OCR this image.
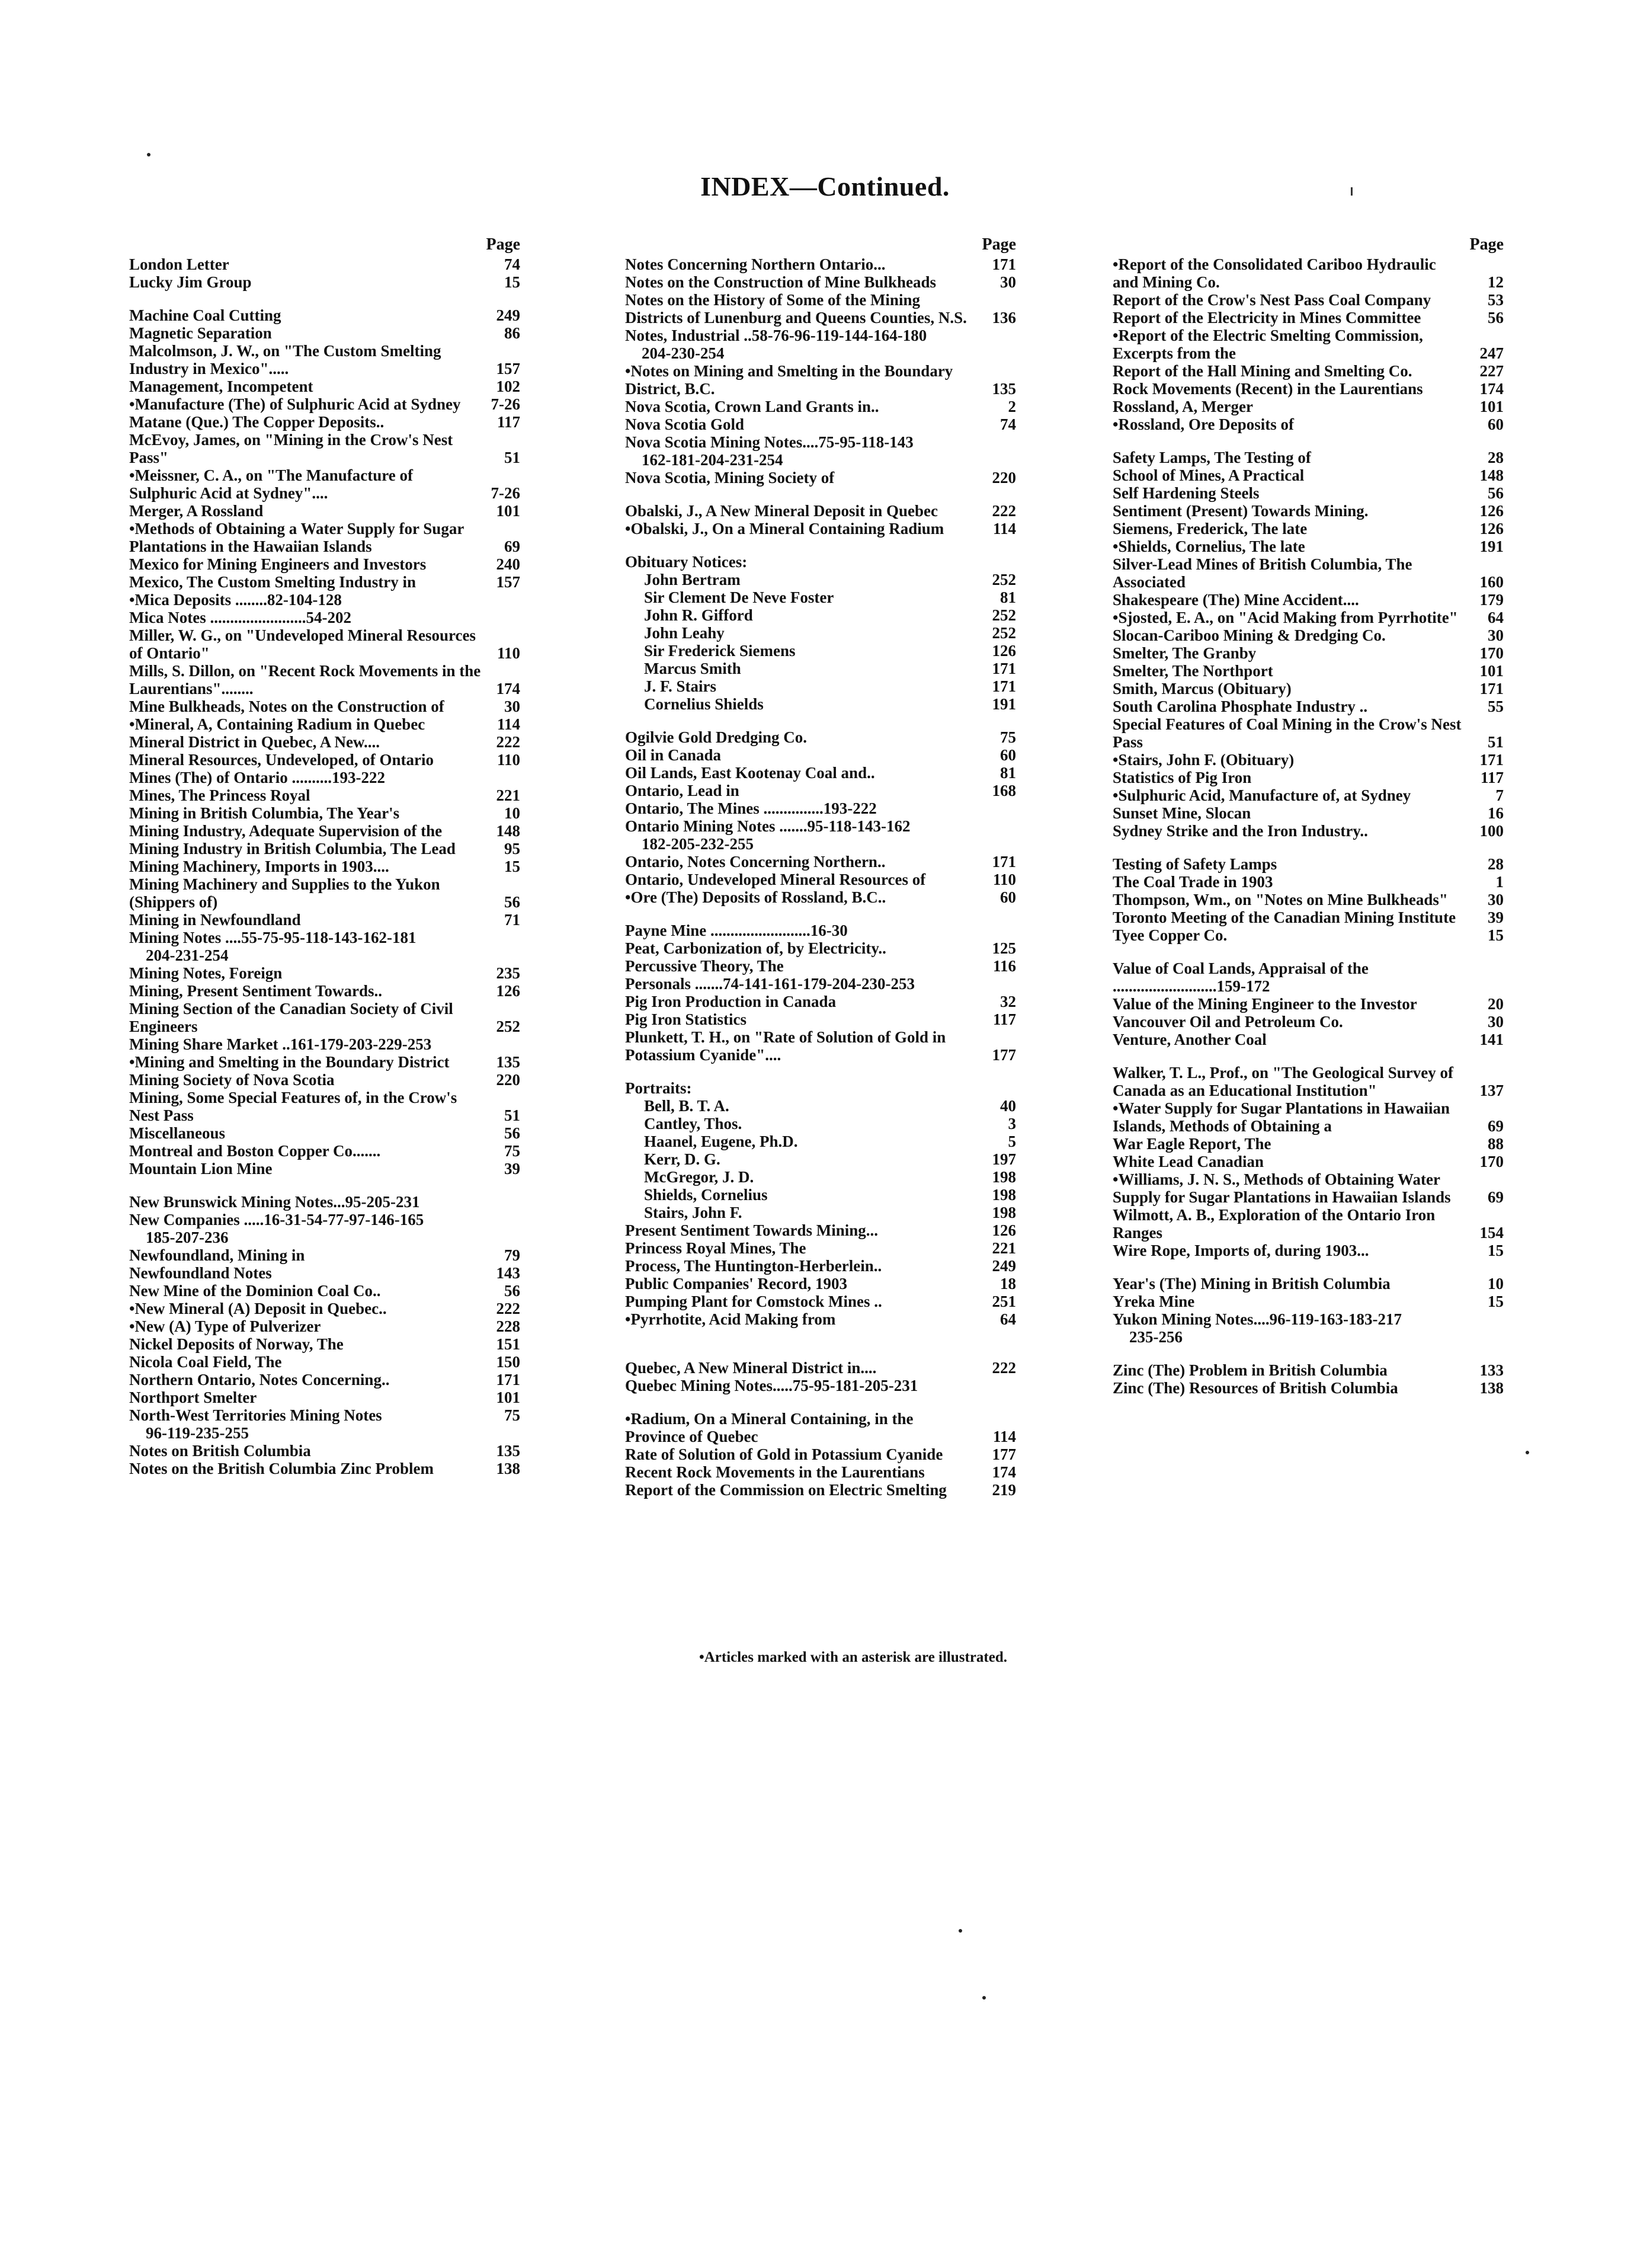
INDEX—Continued.
Page
London Letter	74
Lucky Jim Group	15
Machine Coal Cutting	249
Magnetic Separation	86
Malcolmson, J. W., on "The Custom Smelting Industry in Mexico".....	157
Management, Incompetent	102
•Manufacture (The) of Sulphuric Acid at Sydney	7-26
Matane (Que.) The Copper Deposits..	117
McEvoy, James, on "Mining in the Crow's Nest Pass"	51
•Meissner, C. A., on "The Manufacture of Sulphuric Acid at Sydney"....	7-26
Merger, A Rossland	101
•Methods of Obtaining a Water Supply for Sugar Plantations in the Hawaiian Islands	69
Mexico for Mining Engineers and Investors	240
Mexico, The Custom Smelting Industry in	157
•Mica Deposits ........82-104-128
Mica Notes ........................54-202
Miller, W. G., on "Undeveloped Mineral Resources of Ontario"	110
Mills, S. Dillon, on "Recent Rock Movements in the Laurentians"........	174
Mine Bulkheads, Notes on the Construction of	30
•Mineral, A, Containing Radium in Quebec	114
Mineral District in Quebec, A New....	222
Mineral Resources, Undeveloped, of Ontario	110
Mines (The) of Ontario ..........193-222
Mines, The Princess Royal	221
Mining in British Columbia, The Year's	10
Mining Industry, Adequate Supervision of the	148
Mining Industry in British Columbia, The Lead	95
Mining Machinery, Imports in 1903....	15
Mining Machinery and Supplies to the Yukon (Shippers of)	56
Mining in Newfoundland	71
Mining Notes ....55-75-95-118-143-162-181
204-231-254
Mining Notes, Foreign	235
Mining, Present Sentiment Towards..	126
Mining Section of the Canadian Society of Civil Engineers	252
Mining Share Market ..161-179-203-229-253
•Mining and Smelting in the Boundary District	135
Mining Society of Nova Scotia	220
Mining, Some Special Features of, in the Crow's Nest Pass	51
Miscellaneous	56
Montreal and Boston Copper Co.......	75
Mountain Lion Mine	39
New Brunswick Mining Notes...95-205-231
New Companies .....16-31-54-77-97-146-165
185-207-236
Newfoundland, Mining in	79
Newfoundland Notes	143
New Mine of the Dominion Coal Co..	56
•New Mineral (A) Deposit in Quebec..	222
•New (A) Type of Pulverizer	228
Nickel Deposits of Norway, The	151
Nicola Coal Field, The	150
Northern Ontario, Notes Concerning..	171
Northport Smelter	101
North-West Territories Mining Notes	75
96-119-235-255
Notes on British Columbia	135
Notes on the British Columbia Zinc Problem	138
Page
Notes Concerning Northern Ontario...	171
Notes on the Construction of Mine Bulkheads	30
Notes on the History of Some of the Mining Districts of Lunenburg and Queens Counties, N.S.	136
Notes, Industrial ..58-76-96-119-144-164-180
204-230-254
•Notes on Mining and Smelting in the Boundary District, B.C.	135
Nova Scotia, Crown Land Grants in..	2
Nova Scotia Gold	74
Nova Scotia Mining Notes....75-95-118-143
162-181-204-231-254
Nova Scotia, Mining Society of	220
Obalski, J., A New Mineral Deposit in Quebec	222
•Obalski, J., On a Mineral Containing Radium	114
Obituary Notices:
John Bertram	252
Sir Clement De Neve Foster	81
John R. Gifford	252
John Leahy	252
Sir Frederick Siemens	126
Marcus Smith	171
J. F. Stairs	171
Cornelius Shields	191
Ogilvie Gold Dredging Co.	75
Oil in Canada	60
Oil Lands, East Kootenay Coal and..	81
Ontario, Lead in	168
Ontario, The Mines ...............193-222
Ontario Mining Notes .......95-118-143-162
182-205-232-255
Ontario, Notes Concerning Northern..	171
Ontario, Undeveloped Mineral Resources of	110
•Ore (The) Deposits of Rossland, B.C..	60
Payne Mine .........................16-30
Peat, Carbonization of, by Electricity..	125
Percussive Theory, The	116
Personals .......74-141-161-179-204-230-253
Pig Iron Production in Canada	32
Pig Iron Statistics	117
Plunkett, T. H., on "Rate of Solution of Gold in Potassium Cyanide"....	177
Portraits:
Bell, B. T. A.	40
Cantley, Thos.	3
Haanel, Eugene, Ph.D.	5
Kerr, D. G.	197
McGregor, J. D.	198
Shields, Cornelius	198
Stairs, John F.	198
Present Sentiment Towards Mining...	126
Princess Royal Mines, The	221
Process, The Huntington-Herberlein..	249
Public Companies' Record, 1903	18
Pumping Plant for Comstock Mines ..	251
•Pyrrhotite, Acid Making from	64
Quebec, A New Mineral District in....	222
Quebec Mining Notes.....75-95-181-205-231
•Radium, On a Mineral Containing, in the Province of Quebec	114
Rate of Solution of Gold in Potassium Cyanide	177
Recent Rock Movements in the Laurentians	174
Report of the Commission on Electric Smelting	219
Page
•Report of the Consolidated Cariboo Hydraulic and Mining Co.	12
Report of the Crow's Nest Pass Coal Company	53
Report of the Electricity in Mines Committee	56
•Report of the Electric Smelting Commission, Excerpts from the	247
Report of the Hall Mining and Smelting Co.	227
Rock Movements (Recent) in the Laurentians	174
Rossland, A, Merger	101
•Rossland, Ore Deposits of	60
Safety Lamps, The Testing of	28
School of Mines, A Practical	148
Self Hardening Steels	56
Sentiment (Present) Towards Mining.	126
Siemens, Frederick, The late	126
•Shields, Cornelius, The late	191
Silver-Lead Mines of British Columbia, The Associated	160
Shakespeare (The) Mine Accident....	179
•Sjosted, E. A., on "Acid Making from Pyrrhotite"	64
Slocan-Cariboo Mining & Dredging Co.	30
Smelter, The Granby	170
Smelter, The Northport	101
Smith, Marcus (Obituary)	171
South Carolina Phosphate Industry ..	55
Special Features of Coal Mining in the Crow's Nest Pass	51
•Stairs, John F. (Obituary)	171
Statistics of Pig Iron	117
•Sulphuric Acid, Manufacture of, at Sydney	7
Sunset Mine, Slocan	16
Sydney Strike and the Iron Industry..	100
Testing of Safety Lamps	28
The Coal Trade in 1903	1
Thompson, Wm., on "Notes on Mine Bulkheads"	30
Toronto Meeting of the Canadian Mining Institute	39
Tyee Copper Co.	15
Value of Coal Lands, Appraisal of the ..........................159-172
Value of the Mining Engineer to the Investor	20
Vancouver Oil and Petroleum Co.	30
Venture, Another Coal	141
Walker, T. L., Prof., on "The Geological Survey of Canada as an Educational Institution"	137
•Water Supply for Sugar Plantations in Hawaiian Islands, Methods of Obtaining a	69
War Eagle Report, The	88
White Lead Canadian	170
•Williams, J. N. S., Methods of Obtaining Water Supply for Sugar Plantations in Hawaiian Islands	69
Wilmott, A. B., Exploration of the Ontario Iron Ranges	154
Wire Rope, Imports of, during 1903...	15
Year's (The) Mining in British Columbia	10
Yreka Mine	15
Yukon Mining Notes....96-119-163-183-217
235-256
Zinc (The) Problem in British Columbia	133
Zinc (The) Resources of British Columbia	138
•Articles marked with an asterisk are illustrated.
